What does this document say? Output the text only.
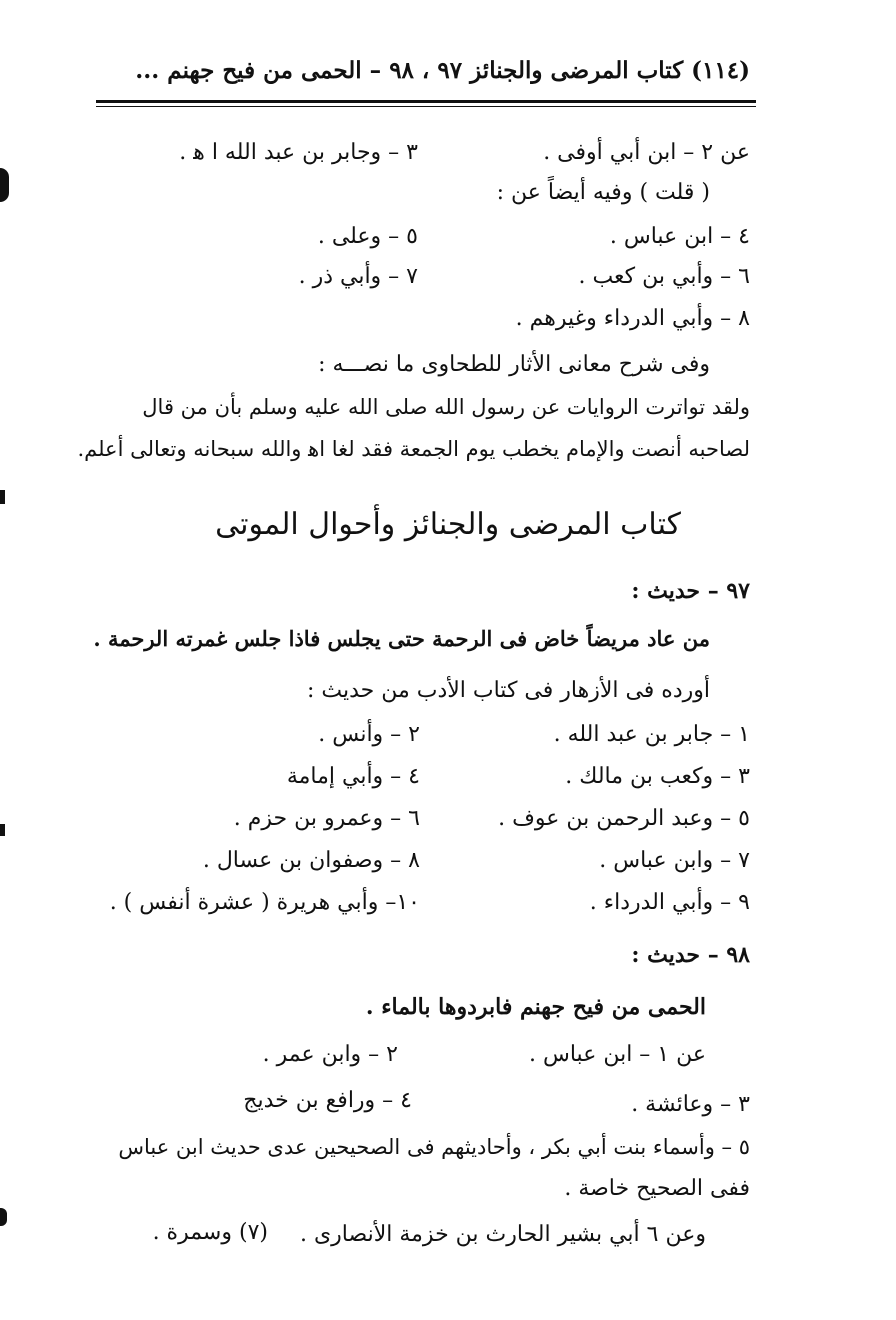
(١١٤) كتاب المرضى والجنائز ٩٧ ، ٩٨ – الحمى من فيح جهنم ...
عن ٢ – ابن أبي أوفى .
٣ – وجابر بن عبد الله ا ﻫ .
( قلت ) وفيه أيضاً عن :
٤ – ابن عباس .
٥ – وعلى .
٦ – وأبي بن كعب .
٧ – وأبي ذر .
٨ – وأبي الدرداء وغيرهم .
وفى شرح معانى الأثار للطحاوى ما نصـــه :
ولقد تواترت الروايات عن رسول الله صلى الله عليه وسلم بأن من قال
لصاحبه أنصت والإمام يخطب يوم الجمعة فقد لغا اﻫ والله سبحانه وتعالى أعلم.
كتاب المرضى والجنائز وأحوال الموتى
٩٧ – حديث :
من عاد مريضاً خاض فى الرحمة حتى يجلس فاذا جلس غمرته الرحمة .
أورده فى الأزهار فى كتاب الأدب من حديث :
١ – جابر بن عبد الله .
٣ – وكعب بن مالك .
٥ – وعبد الرحمن بن عوف .
٧ – وابن عباس .
٩ – وأبي الدرداء .
٢ – وأنس .
٤ – وأبي إمامة
٦ – وعمرو بن حزم .
٨ – وصفوان بن عسال .
١٠– وأبي هريرة ( عشرة أنفس ) .
٩٨ – حديث :
الحمى من فيح جهنم فابردوها بالماء .
عن ١ – ابن عباس .
٢ – وابن عمر .
٣ – وعائشة .
٤ – ورافع بن خديج
٥ – وأسماء بنت أبي بكر ، وأحاديثهم فى الصحيحين عدى حديث ابن عباس
ففى الصحيح خاصة .
وعن ٦ أبي بشير الحارث بن خزمة الأنصارى .
(٧) وسمرة .
